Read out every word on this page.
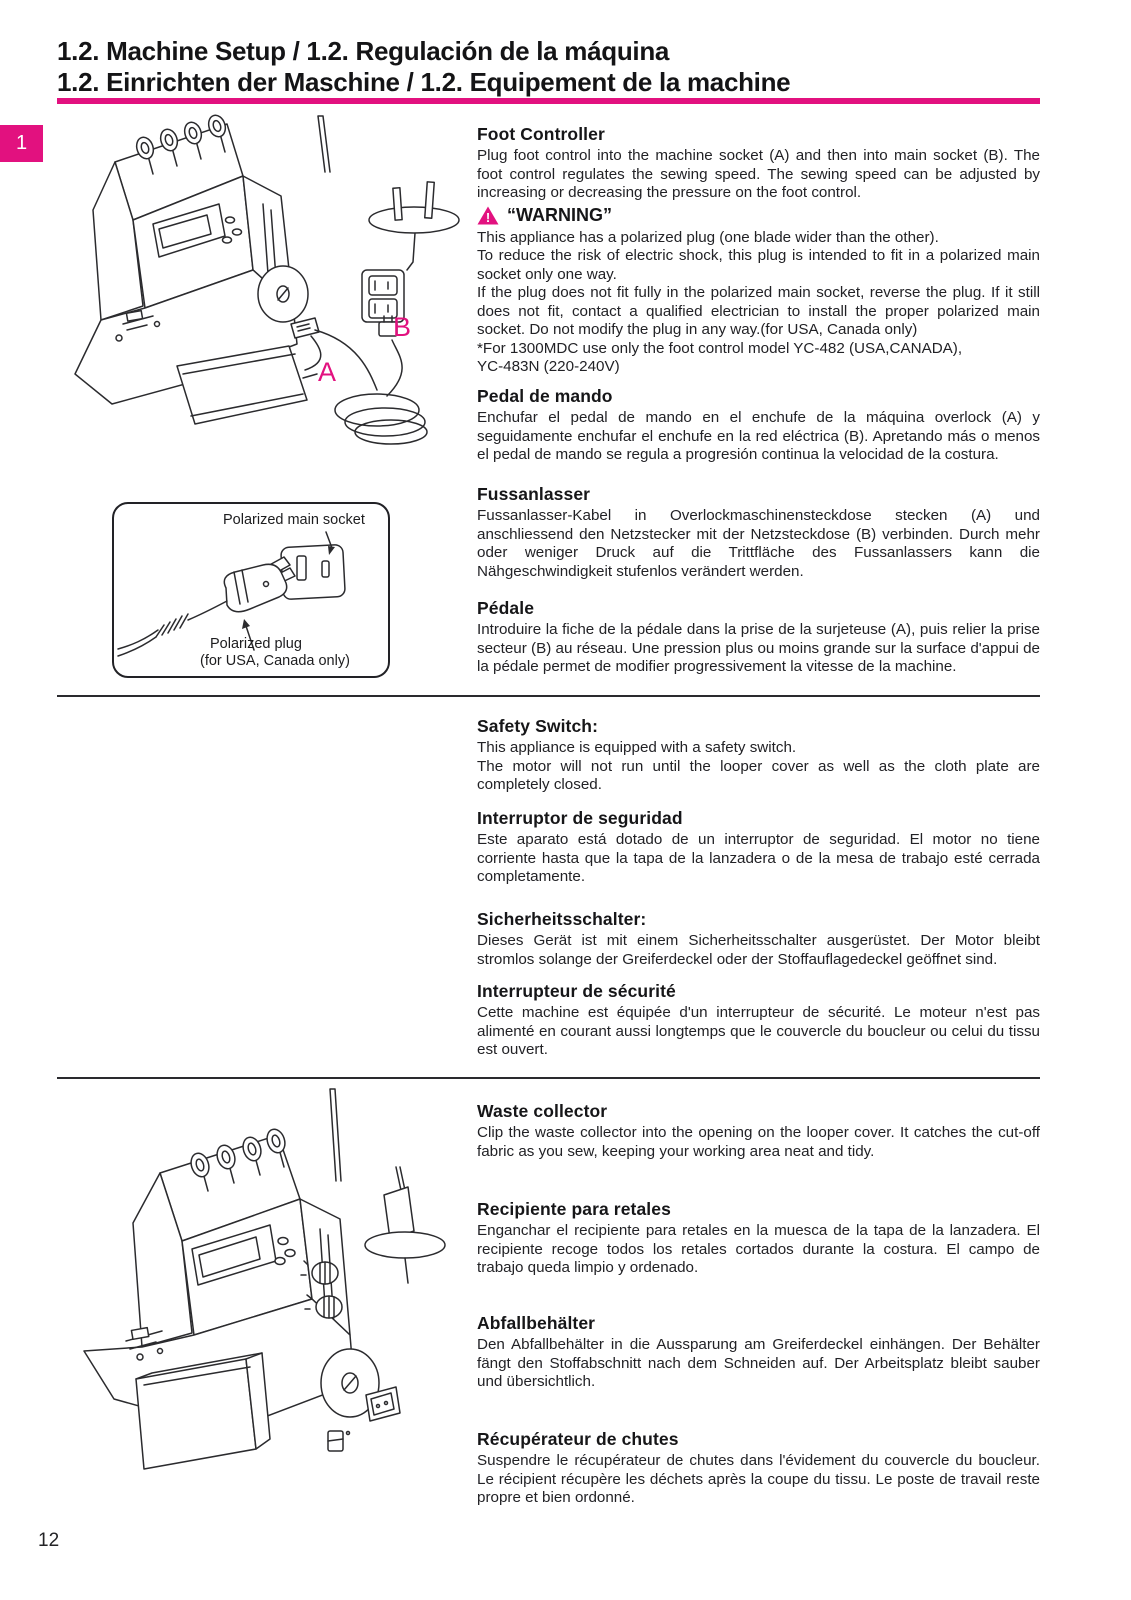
1
1.2. Machine Setup / 1.2. Regulación de la máquina
1.2. Einrichten der Maschine / 1.2. Equipement de la machine
A
B
Polarized main socket
Polarized plug
(for USA, Canada only)
Foot Controller

Plug foot control into the machine socket (A) and then into main socket (B). The foot control regulates the sewing speed. The sewing speed can be adjusted by increasing or decreasing the pressure on the foot control.

! “WARNING”

This appliance has a polarized plug (one blade wider than the other).

To reduce the risk of electric shock, this plug is intended to fit in a polarized main socket only one way.

If the plug does not fit fully in the polarized main socket, reverse the plug. If it still does not fit, contact a qualified electrician to install the proper polarized main socket. Do not modify the plug in any way.(for USA, Canada only)

*For 1300MDC use only the foot control model YC-482 (USA,CANADA),

YC-483N (220-240V)

Pedal de mando

Enchufar el pedal de mando en el enchufe de la máquina overlock (A) y seguidamente enchufar el enchufe en la red eléctrica (B). Apretando más o menos el pedal de mando se regula a progresión continua la velocidad de la costura.

Fussanlasser

Fussanlasser-Kabel in Overlockmaschinensteckdose stecken (A) und anschliessend den Netzstecker mit der Netzsteckdose (B) verbinden. Durch mehr oder weniger Druck auf die Trittfläche des Fussanlassers kann die Nähgeschwindigkeit stufenlos verändert werden.

Pédale

Introduire la fiche de la pédale dans la prise de la surjeteuse (A), puis relier la prise secteur (B) au réseau. Une pression plus ou moins grande sur la surface d'appui de la pédale permet de modifier progressivement la vitesse de la machine.

Safety Switch:

This appliance is equipped with a safety switch.

The motor will not run until the looper cover as well as the cloth plate are completely closed.

Interruptor de seguridad

Este aparato está dotado de un interruptor de seguridad. El motor no tiene corriente hasta que la tapa de la lanzadera o de la mesa de trabajo esté cerrada completamente.

Sicherheitsschalter:

Dieses Gerät ist mit einem Sicherheitsschalter ausgerüstet. Der Motor bleibt stromlos solange der Greiferdeckel oder der Stoffauflagedeckel geöffnet sind.

Interrupteur de sécurité

Cette machine est équipée d'un interrupteur de sécurité. Le moteur n'est pas alimenté en courant aussi longtemps que le couvercle du boucleur ou celui du tissu est ouvert.

Waste collector

Clip the waste collector into the opening on the looper cover. It catches the cut-off fabric as you sew, keeping your working area neat and tidy.

Recipiente para retales

Enganchar el recipiente para retales en la muesca de la tapa de la lanzadera. El recipiente recoge todos los retales cortados durante la costura. El campo de trabajo queda limpio y ordenado.

Abfallbehälter

Den Abfallbehälter in die Aussparung am Greiferdeckel einhängen. Der Behälter fängt den Stoffabschnitt nach dem Schneiden auf. Der Arbeitsplatz bleibt sauber und übersichtlich.

Récupérateur de chutes

Suspendre le récupérateur de chutes dans l'évidement du couvercle du boucleur. Le récipient récupère les déchets après la coupe du tissu. Le poste de travail reste propre et bien ordonné.

12
